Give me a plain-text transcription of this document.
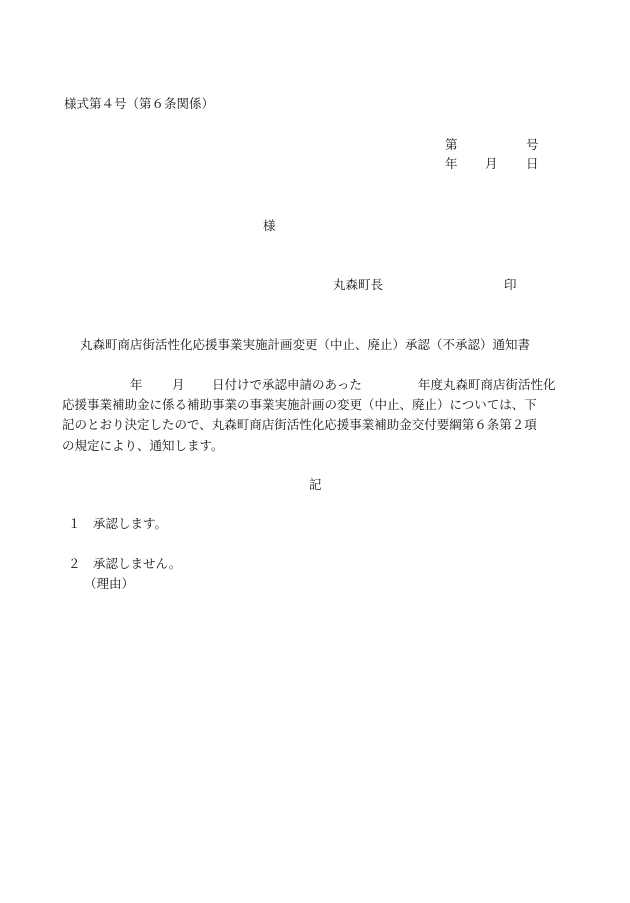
様式第４号（第６条関係）
第	号
年 月 日
様
丸森町長	印
丸森町商店街活性化応援事業実施計画変更（中止、廃止）承認（不承認）通知書
年 月 日付けで承認申請のあった	年度丸森町商店街活性化
応援事業補助金に係る補助事業の事業実施計画の変更（中止、廃止）については、下
記のとおり決定したので、丸森町商店街活性化応援事業補助金交付要綱第６条第２項
の規定により、通知します。
記
１　承認します。
２　承認しません。
（理由）
